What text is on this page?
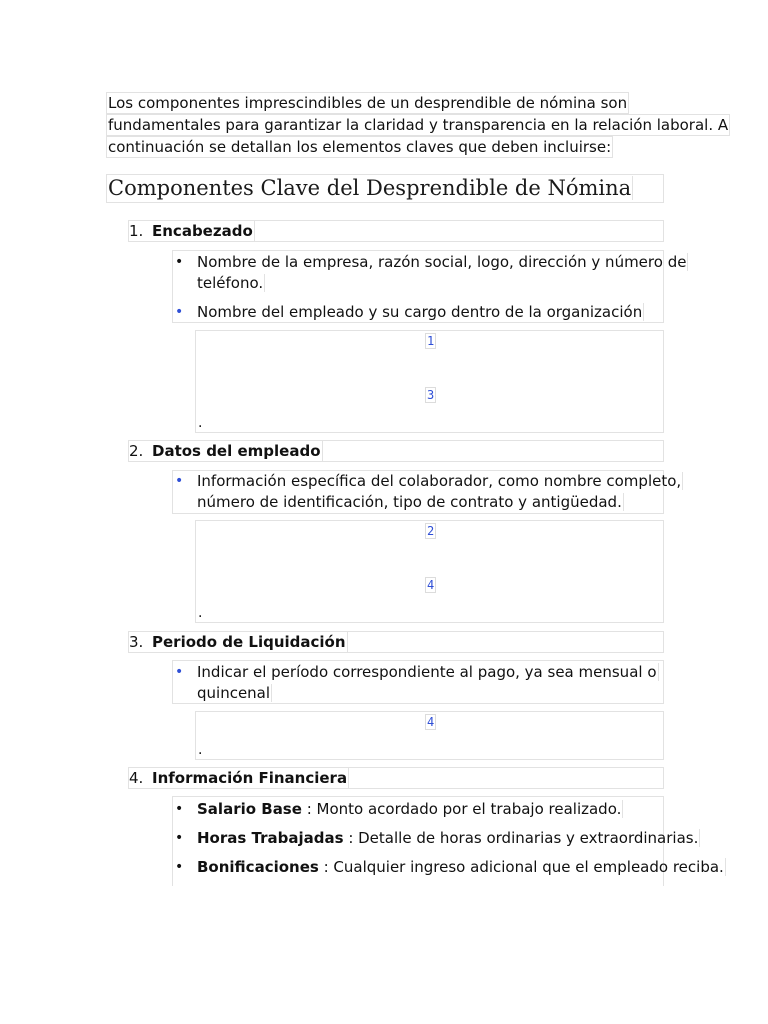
Los componentes imprescindibles de un desprendible de nómina son
fundamentales para garantizar la claridad y transparencia en la relación laboral. A
continuación se detallan los elementos claves que deben incluirse:
Componentes Clave del Desprendible de Nómina
1. Encabezado
• Nombre de la empresa, razón social, logo, dirección y número de
teléfono.
• Nombre del empleado y su cargo dentro de la organización
1
3
.
2. Datos del empleado
• Información específica del colaborador, como nombre completo,
número de identificación, tipo de contrato y antigüedad.
2
4
.
3. Periodo de Liquidación
• Indicar el período correspondiente al pago, ya sea mensual o
quincenal
4
.
4. Información Financiera
• Salario Base : Monto acordado por el trabajo realizado.
• Horas Trabajadas : Detalle de horas ordinarias y extraordinarias.
• Bonificaciones : Cualquier ingreso adicional que el empleado reciba.
